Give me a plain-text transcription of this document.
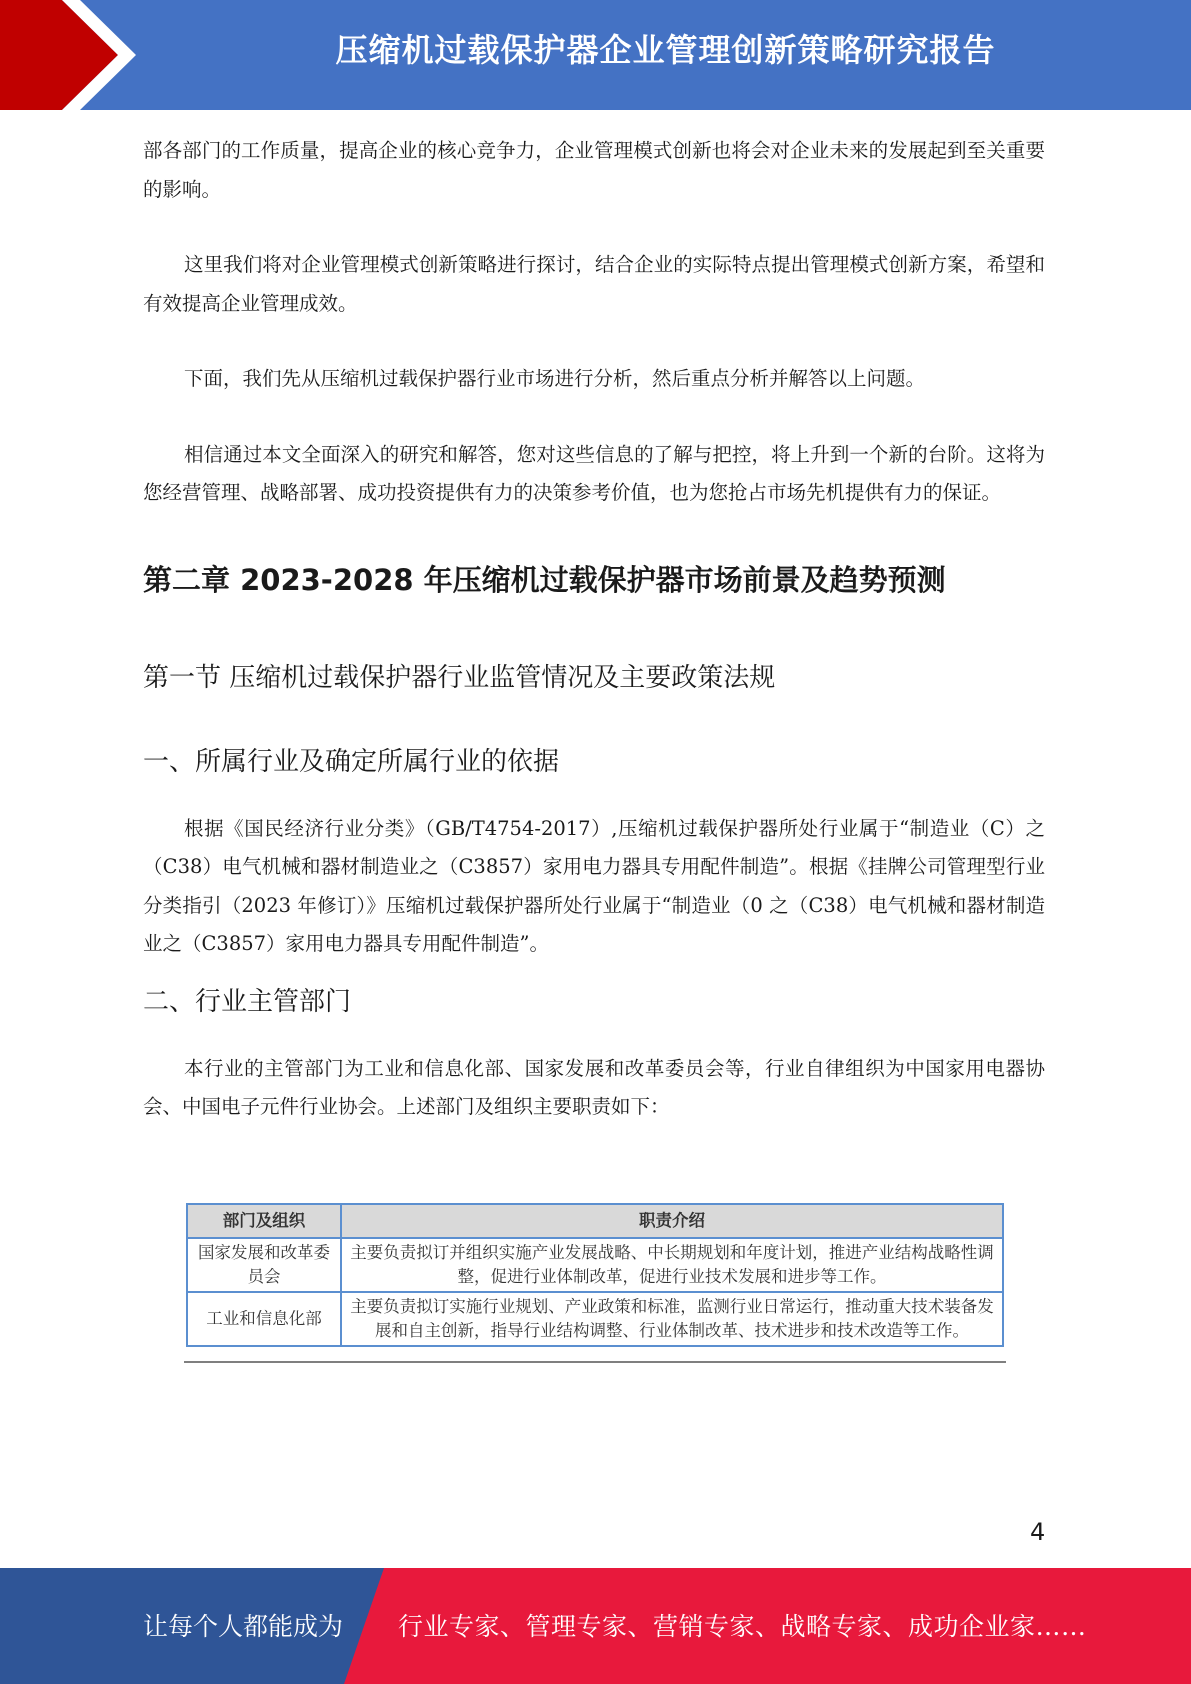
压缩机过载保护器企业管理创新策略研究报告

部各部门的工作质量，提高企业的核心竞争力，企业管理模式创新也将会对企业未来的发展起到至关重要的影响。

这里我们将对企业管理模式创新策略进行探讨，结合企业的实际特点提出管理模式创新方案，希望和有效提高企业管理成效。

下面，我们先从压缩机过载保护器行业市场进行分析，然后重点分析并解答以上问题。

相信通过本文全面深入的研究和解答，您对这些信息的了解与把控，将上升到一个新的台阶。这将为您经营管理、战略部署、成功投资提供有力的决策参考价值，也为您抢占市场先机提供有力的保证。

第二章 2023-2028 年压缩机过载保护器市场前景及趋势预测
第一节 压缩机过载保护器行业监管情况及主要政策法规
一、所属行业及确定所属行业的依据

根据《国民经济行业分类》（GB/T4754-2017）,压缩机过载保护器所处行业属于“制造业（C）之（C38）电气机械和器材制造业之（C3857）家用电力器具专用配件制造”。根据《挂牌公司管理型行业分类指引（2023 年修订）》压缩机过载保护器所处行业属于“制造业（0 之（C38）电气机械和器材制造业之（C3857）家用电力器具专用配件制造”。

二、行业主管部门

本行业的主管部门为工业和信息化部、国家发展和改革委员会等，行业自律组织为中国家用电器协会、中国电子元件行业协会。上述部门及组织主要职责如下：

部门及组织	职责介绍
国家发展和改革委员会	主要负责拟订并组织实施产业发展战略、中长期规划和年度计划，推进产业结构战略性调整，促进行业体制改革，促进行业技术发展和进步等工作。
工业和信息化部	主要负责拟订实施行业规划、产业政策和标准，监测行业日常运行，推动重大技术装备发展和自主创新，指导行业结构调整、行业体制改革、技术进步和技术改造等工作。
4
让每个人都能成为 行业专家、管理专家、营销专家、战略专家、成功企业家……
